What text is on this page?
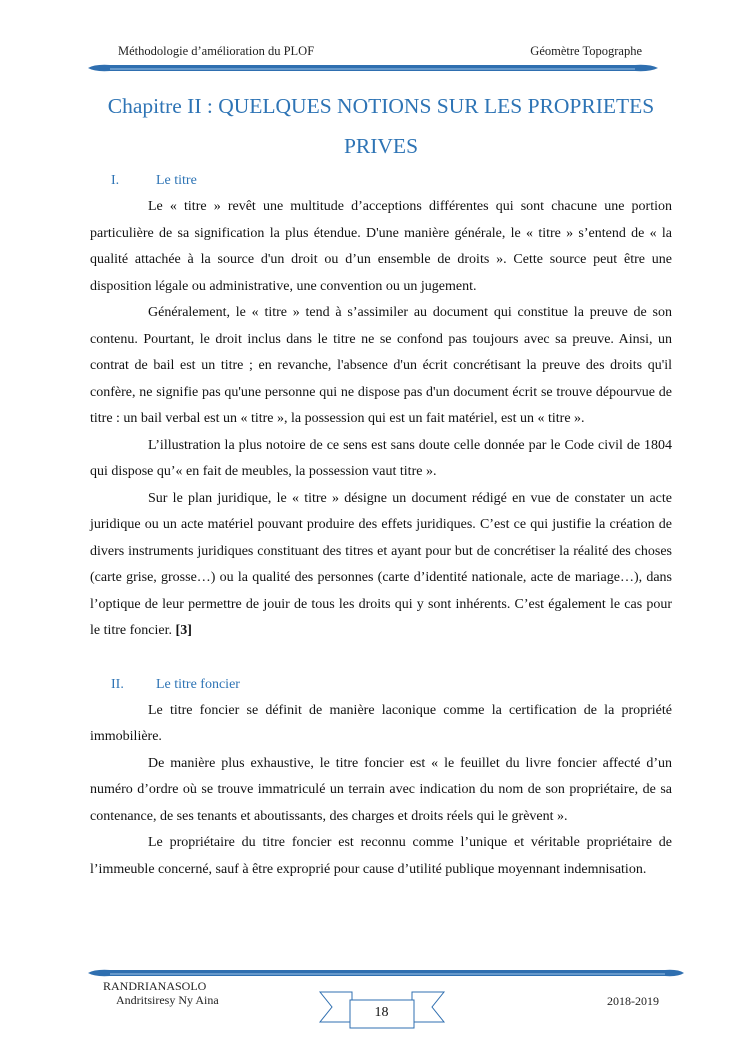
Méthodologie d’amélioration du PLOF	Géomètre Topographe
Chapitre II : QUELQUES NOTIONS SUR LES PROPRIETES
PRIVES
I.	Le titre

Le « titre » revêt une multitude d’acceptions différentes qui sont chacune une portion particulière de sa signification la plus étendue. D'une manière générale, le « titre » s’entend de « la qualité attachée à la source d'un droit ou d’un ensemble de droits ». Cette source peut être une disposition légale ou administrative, une convention ou un jugement.

Généralement, le « titre » tend à s’assimiler au document qui constitue la preuve de son contenu. Pourtant, le droit inclus dans le titre ne se confond pas toujours avec sa preuve. Ainsi, un contrat de bail est un titre ; en revanche, l'absence d'un écrit concrétisant la preuve des droits qu'il confère, ne signifie pas qu'une personne qui ne dispose pas d'un document écrit se trouve dépourvue de titre : un bail verbal est un « titre », la possession qui est un fait matériel, est un « titre ».

L’illustration la plus notoire de ce sens est sans doute celle donnée par le Code civil de 1804 qui dispose qu’« en fait de meubles, la possession vaut titre ».

Sur le plan juridique, le « titre » désigne un document rédigé en vue de constater un acte juridique ou un acte matériel pouvant produire des effets juridiques. C’est ce qui justifie la création de divers instruments juridiques constituant des titres et ayant pour but de concrétiser la réalité des choses (carte grise, grosse…) ou la qualité des personnes (carte d’identité nationale, acte de mariage…), dans l’optique de leur permettre de jouir de tous les droits qui y sont inhérents. C’est également le cas pour le titre foncier. [3]

II. Le titre foncier

Le titre foncier se définit de manière laconique comme la certification de la propriété immobilière.

De manière plus exhaustive, le titre foncier est « le feuillet du livre foncier affecté d’un numéro d’ordre où se trouve immatriculé un terrain avec indication du nom de son propriétaire, de sa contenance, de ses tenants et aboutissants, des charges et droits réels qui le grèvent ».

Le propriétaire du titre foncier est reconnu comme l’unique et véritable propriétaire de l’immeuble concerné, sauf à être exproprié pour cause d’utilité publique moyennant indemnisation.

RANDRIANASOLO
Andritsiresy Ny Aina
18
2018-2019
